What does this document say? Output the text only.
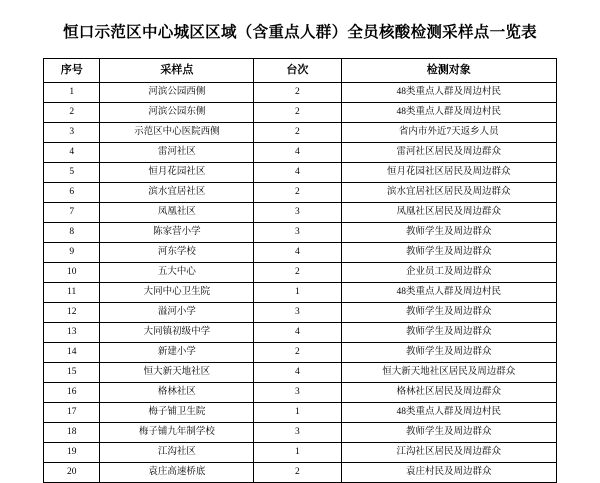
恒口示范区中心城区区域（含重点人群）全员核酸检测采样点一览表
序号	采样点	台次	检测对象
1	河滨公园西侧	2	48类重点人群及周边村民
2	河滨公园东侧	2	48类重点人群及周边村民
3	示范区中心医院西侧	2	省内市外近7天返乡人员
4	雷河社区	4	雷河社区居民及周边群众
5	恒月花园社区	4	恒月花园社区居民及周边群众
6	滨水宜居社区	2	滨水宜居社区居民及周边群众
7	凤凰社区	3	凤凰社区居民及周边群众
8	陈家营小学	3	教师学生及周边群众
9	河东学校	4	教师学生及周边群众
10	五大中心	2	企业员工及周边群众
11	大同中心卫生院	1	48类重点人群及周边村民
12	溢河小学	3	教师学生及周边群众
13	大同镇初级中学	4	教师学生及周边群众
14	新建小学	2	教师学生及周边群众
15	恒大新天地社区	4	恒大新天地社区居民及周边群众
16	格林社区	3	格林社区居民及周边群众
17	梅子铺卫生院	1	48类重点人群及周边村民
18	梅子铺九年制学校	3	教师学生及周边群众
19	江沟社区	1	江沟社区居民及周边群众
20	袁庄高速桥底	2	袁庄村民及周边群众
